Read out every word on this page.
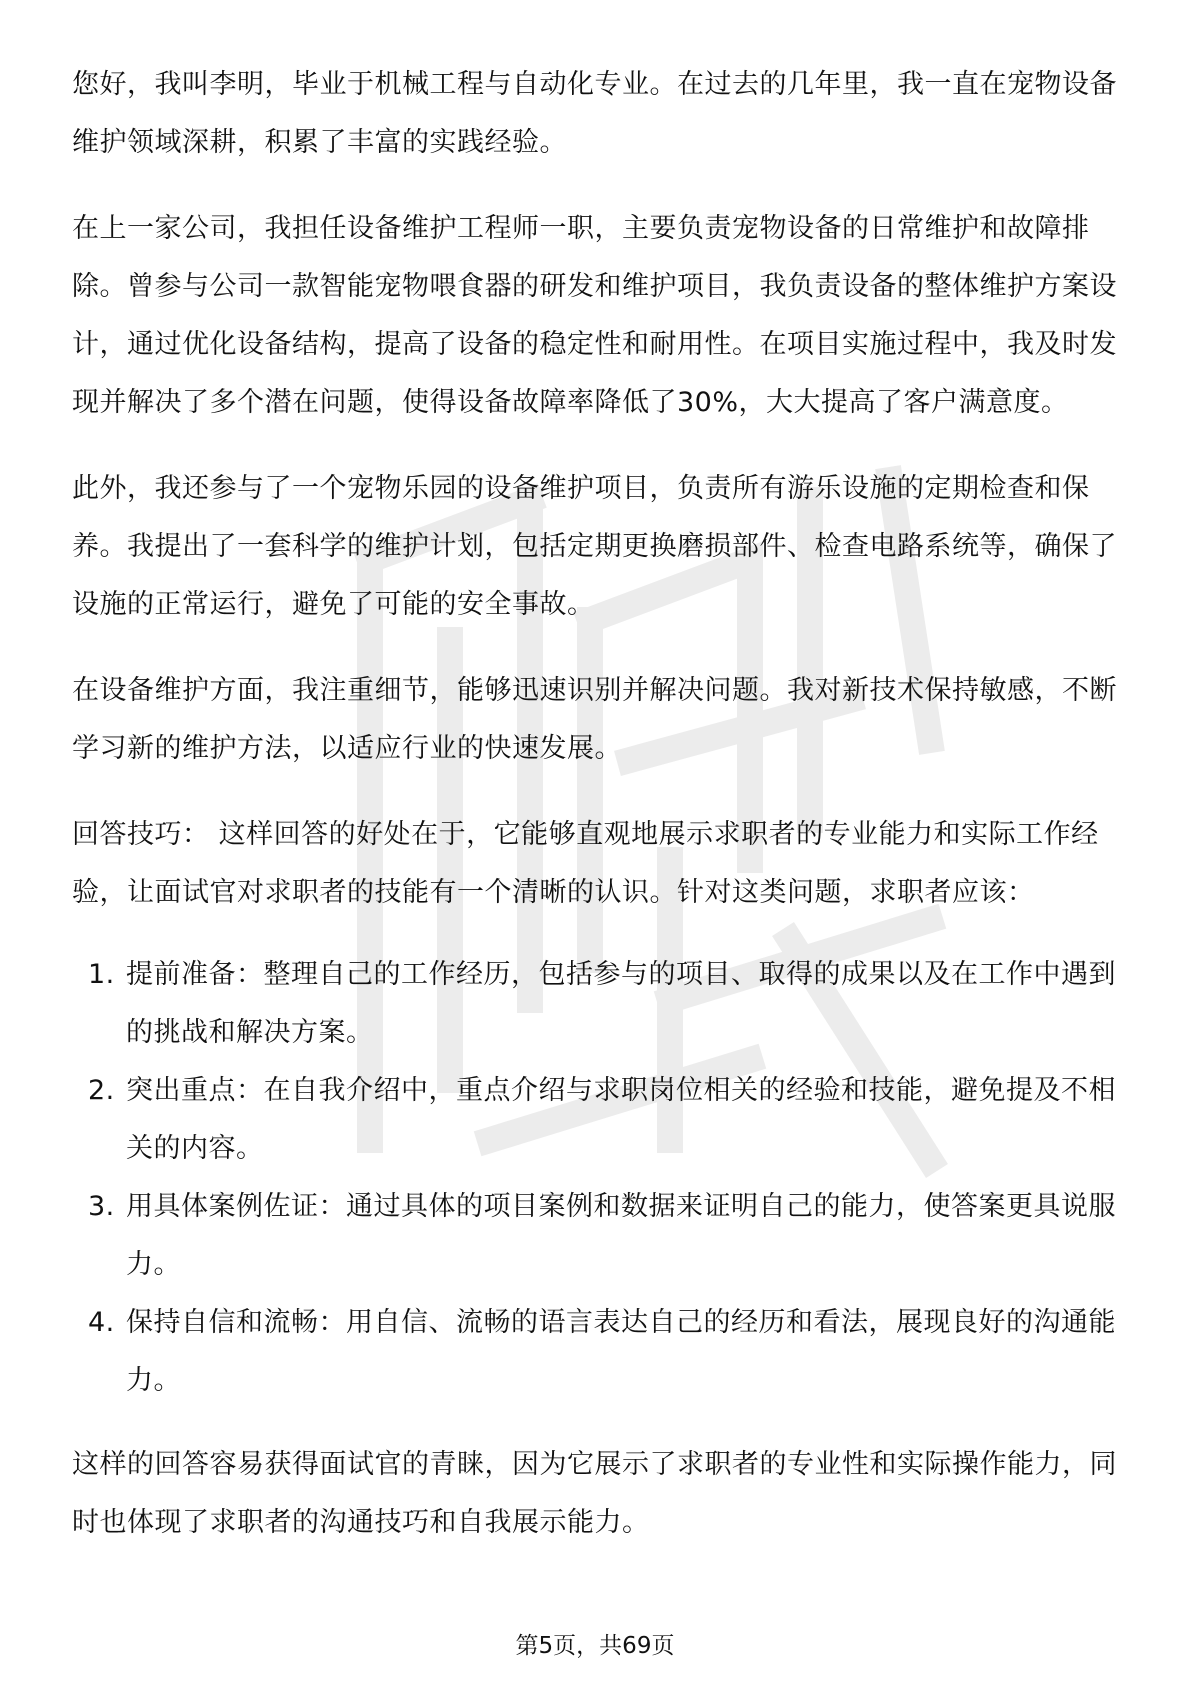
您好，我叫李明，毕业于机械工程与自动化专业。在过去的几年里，我一直在宠物设备维护领域深耕，积累了丰富的实践经验。

在上一家公司，我担任设备维护工程师一职，主要负责宠物设备的日常维护和故障排除。曾参与公司一款智能宠物喂食器的研发和维护项目，我负责设备的整体维护方案设计，通过优化设备结构，提高了设备的稳定性和耐用性。在项目实施过程中，我及时发现并解决了多个潜在问题，使得设备故障率降低了30%，大大提高了客户满意度。

此外，我还参与了一个宠物乐园的设备维护项目，负责所有游乐设施的定期检查和保养。我提出了一套科学的维护计划，包括定期更换磨损部件、检查电路系统等，确保了设施的正常运行，避免了可能的安全事故。

在设备维护方面，我注重细节，能够迅速识别并解决问题。我对新技术保持敏感，不断学习新的维护方法，以适应行业的快速发展。

回答技巧： 这样回答的好处在于，它能够直观地展示求职者的专业能力和实际工作经验，让面试官对求职者的技能有一个清晰的认识。针对这类问题，求职者应该：

1. 提前准备：整理自己的工作经历，包括参与的项目、取得的成果以及在工作中遇到的挑战和解决方案。
2. 突出重点：在自我介绍中，重点介绍与求职岗位相关的经验和技能，避免提及不相关的内容。
3. 用具体案例佐证：通过具体的项目案例和数据来证明自己的能力，使答案更具说服力。
4. 保持自信和流畅：用自信、流畅的语言表达自己的经历和看法，展现良好的沟通能力。

这样的回答容易获得面试官的青睐，因为它展示了求职者的专业性和实际操作能力，同时也体现了求职者的沟通技巧和自我展示能力。

第5页，共69页
